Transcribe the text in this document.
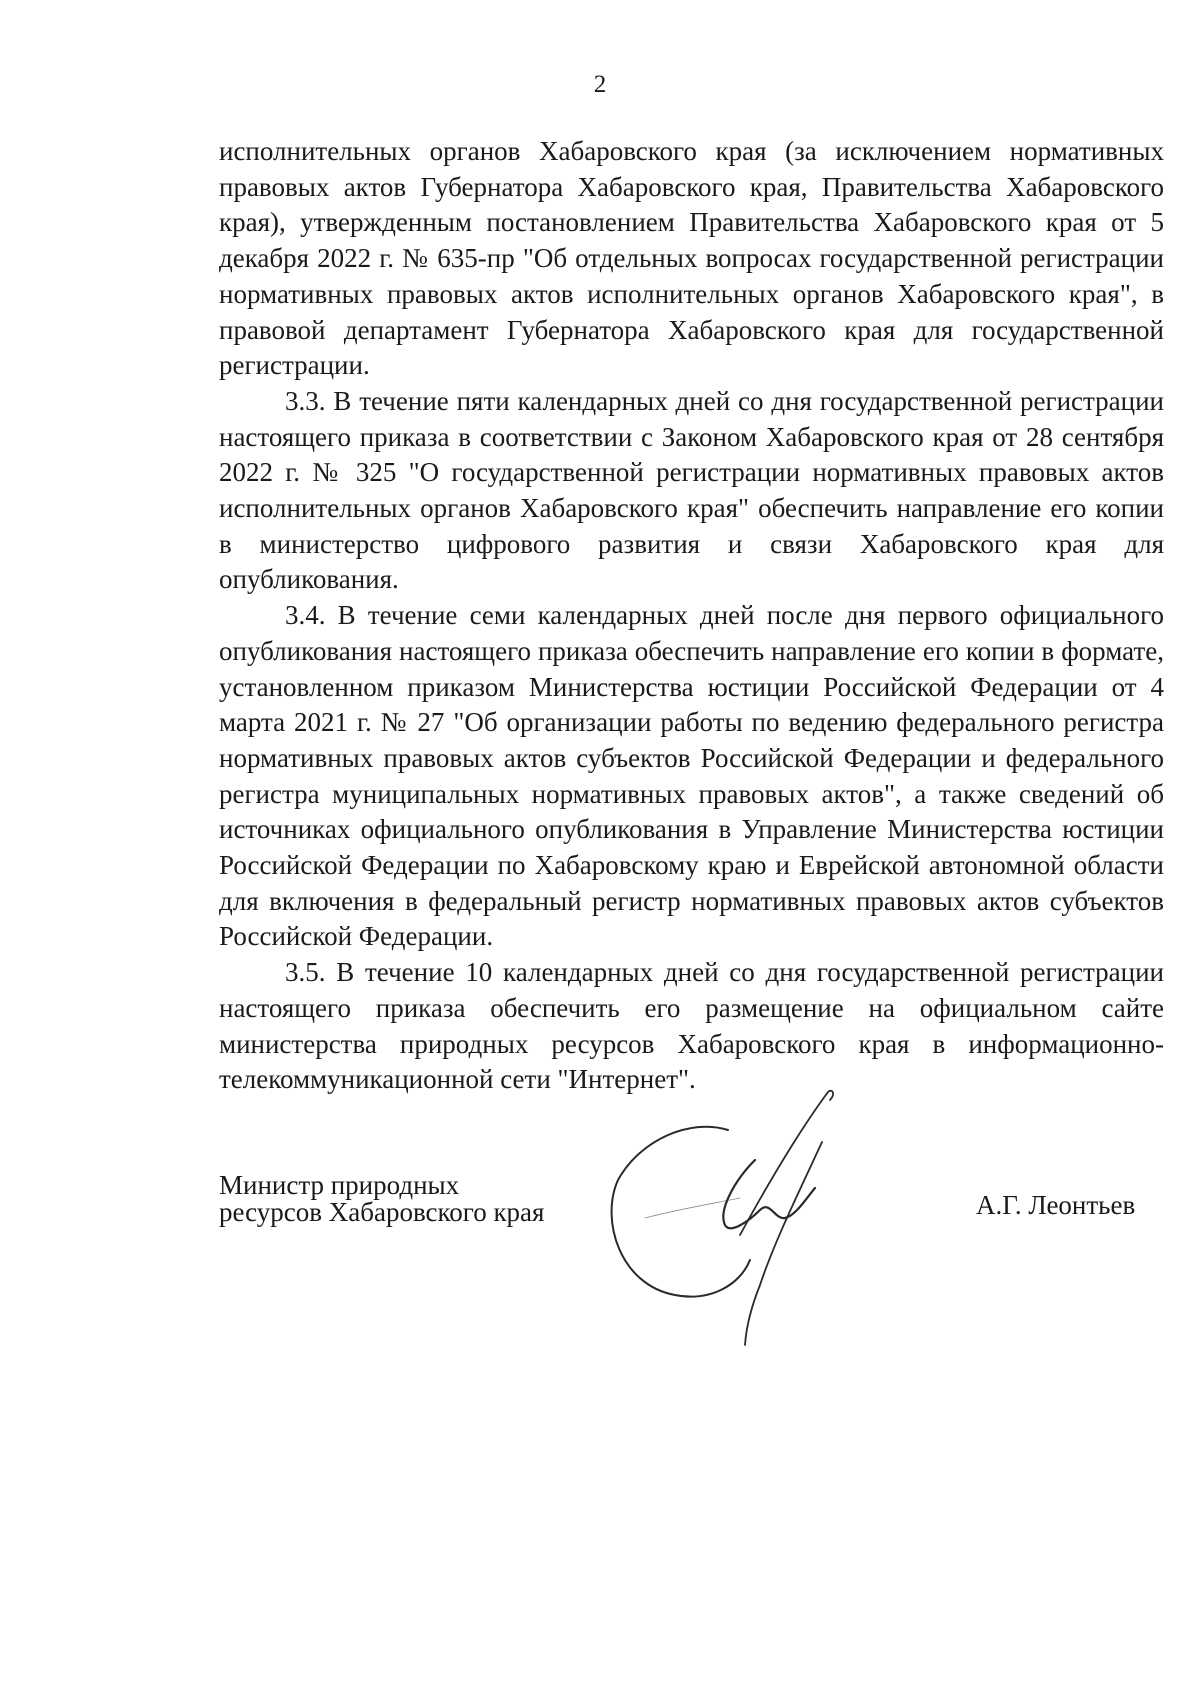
2

исполнительных органов Хабаровского края (за исключением нормативных правовых актов Губернатора Хабаровского края, Правительства Хабаровского края), утвержденным постановлением Правительства Хабаровского края от 5 декабря 2022 г. № 635-пр "Об отдельных вопросах государственной регистрации нормативных правовых актов исполнительных органов Хабаровского края", в правовой департамент Губернатора Хабаровского края для государственной регистрации.

3.3. В течение пяти календарных дней со дня государственной регистрации настоящего приказа в соответствии с Законом Хабаровского края от 28 сентября 2022 г. № 325 "О государственной регистрации нормативных правовых актов исполнительных органов Хабаровского края" обеспечить направление его копии в министерство цифрового развития и связи Хабаровского края для опубликования.

3.4. В течение семи календарных дней после дня первого официального опубликования настоящего приказа обеспечить направление его копии в формате, установленном приказом Министерства юстиции Российской Федерации от 4 марта 2021 г. № 27 "Об организации работы по ведению федерального регистра нормативных правовых актов субъектов Российской Федерации и федерального регистра муниципальных нормативных правовых актов", а также сведений об источниках официального опубликования в Управление Министерства юстиции Российской Федерации по Хабаровскому краю и Еврейской автономной области для включения в федеральный регистр нормативных правовых актов субъектов Российской Федерации.

3.5. В течение 10 календарных дней со дня государственной регистрации настоящего приказа обеспечить его размещение на официальном сайте министерства природных ресурсов Хабаровского края в информационно-телекоммуникационной сети "Интернет".

Министр природных
ресурсов Хабаровского края	А.Г. Леонтьев
